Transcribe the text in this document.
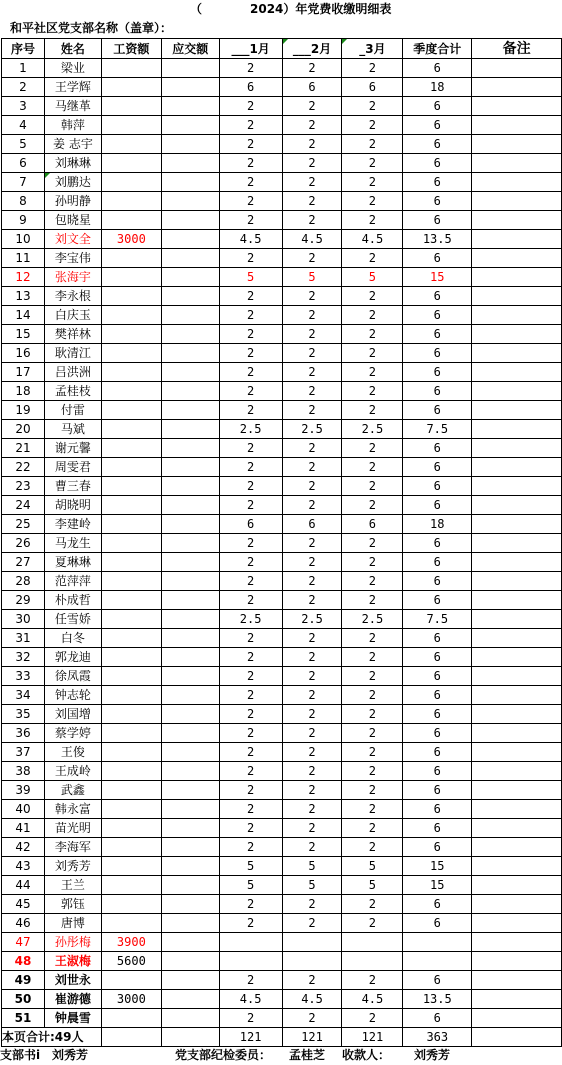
（	2024）年党费收缴明细表
和平社区党支部名称（盖章）：
序号	姓名	工资额	应交额	___1月	___2月	_3月	季度合计	备注
1	梁业			2	2	2	6	
2	王学辉			6	6	6	18	
3	马继革			2	2	2	6	
4	韩萍			2	2	2	6	
5	姜 志宇			2	2	2	6	
6	刘琳琳			2	2	2	6	
7	刘鹏达			2	2	2	6	
8	孙明静			2	2	2	6	
9	包晓星			2	2	2	6	
10	刘文全	3000		4.5	4.5	4.5	13.5	
11	李宝伟			2	2	2	6	
12	张海宇			5	5	5	15	
13	李永根			2	2	2	6	
14	白庆玉			2	2	2	6	
15	樊祥林			2	2	2	6	
16	耿清江			2	2	2	6	
17	吕洪洲			2	2	2	6	
18	孟桂枝			2	2	2	6	
19	付雷			2	2	2	6	
20	马斌			2.5	2.5	2.5	7.5	
21	谢元馨			2	2	2	6	
22	周雯君			2	2	2	6	
23	曹三春			2	2	2	6	
24	胡晓明			2	2	2	6	
25	李建岭			6	6	6	18	
26	马龙生			2	2	2	6	
27	夏琳琳			2	2	2	6	
28	范萍萍			2	2	2	6	
29	朴成哲			2	2	2	6	
30	任雪娇			2.5	2.5	2.5	7.5	
31	白冬			2	2	2	6	
32	郭龙迪			2	2	2	6	
33	徐凤霞			2	2	2	6	
34	钟志轮			2	2	2	6	
35	刘国增			2	2	2	6	
36	蔡学婷			2	2	2	6	
37	王俊			2	2	2	6	
38	王成岭			2	2	2	6	
39	武鑫			2	2	2	6	
40	韩永富			2	2	2	6	
41	苗光明			2	2	2	6	
42	李海军			2	2	2	6	
43	刘秀芳			5	5	5	15	
44	王兰			5	5	5	15	
45	郭钰			2	2	2	6	
46	唐博			2	2	2	6	
47	孙彤梅	3900						
48	王淑梅	5600						
49	刘世永			2	2	2	6	
50	崔游德	3000		4.5	4.5	4.5	13.5	
51	钟晨雪			2	2	2	6	
本页合计:49人				121	121	121	363	
支部书i 刘秀芳	党支部纪检委员： 孟桂芝 收款人： 刘秀芳
